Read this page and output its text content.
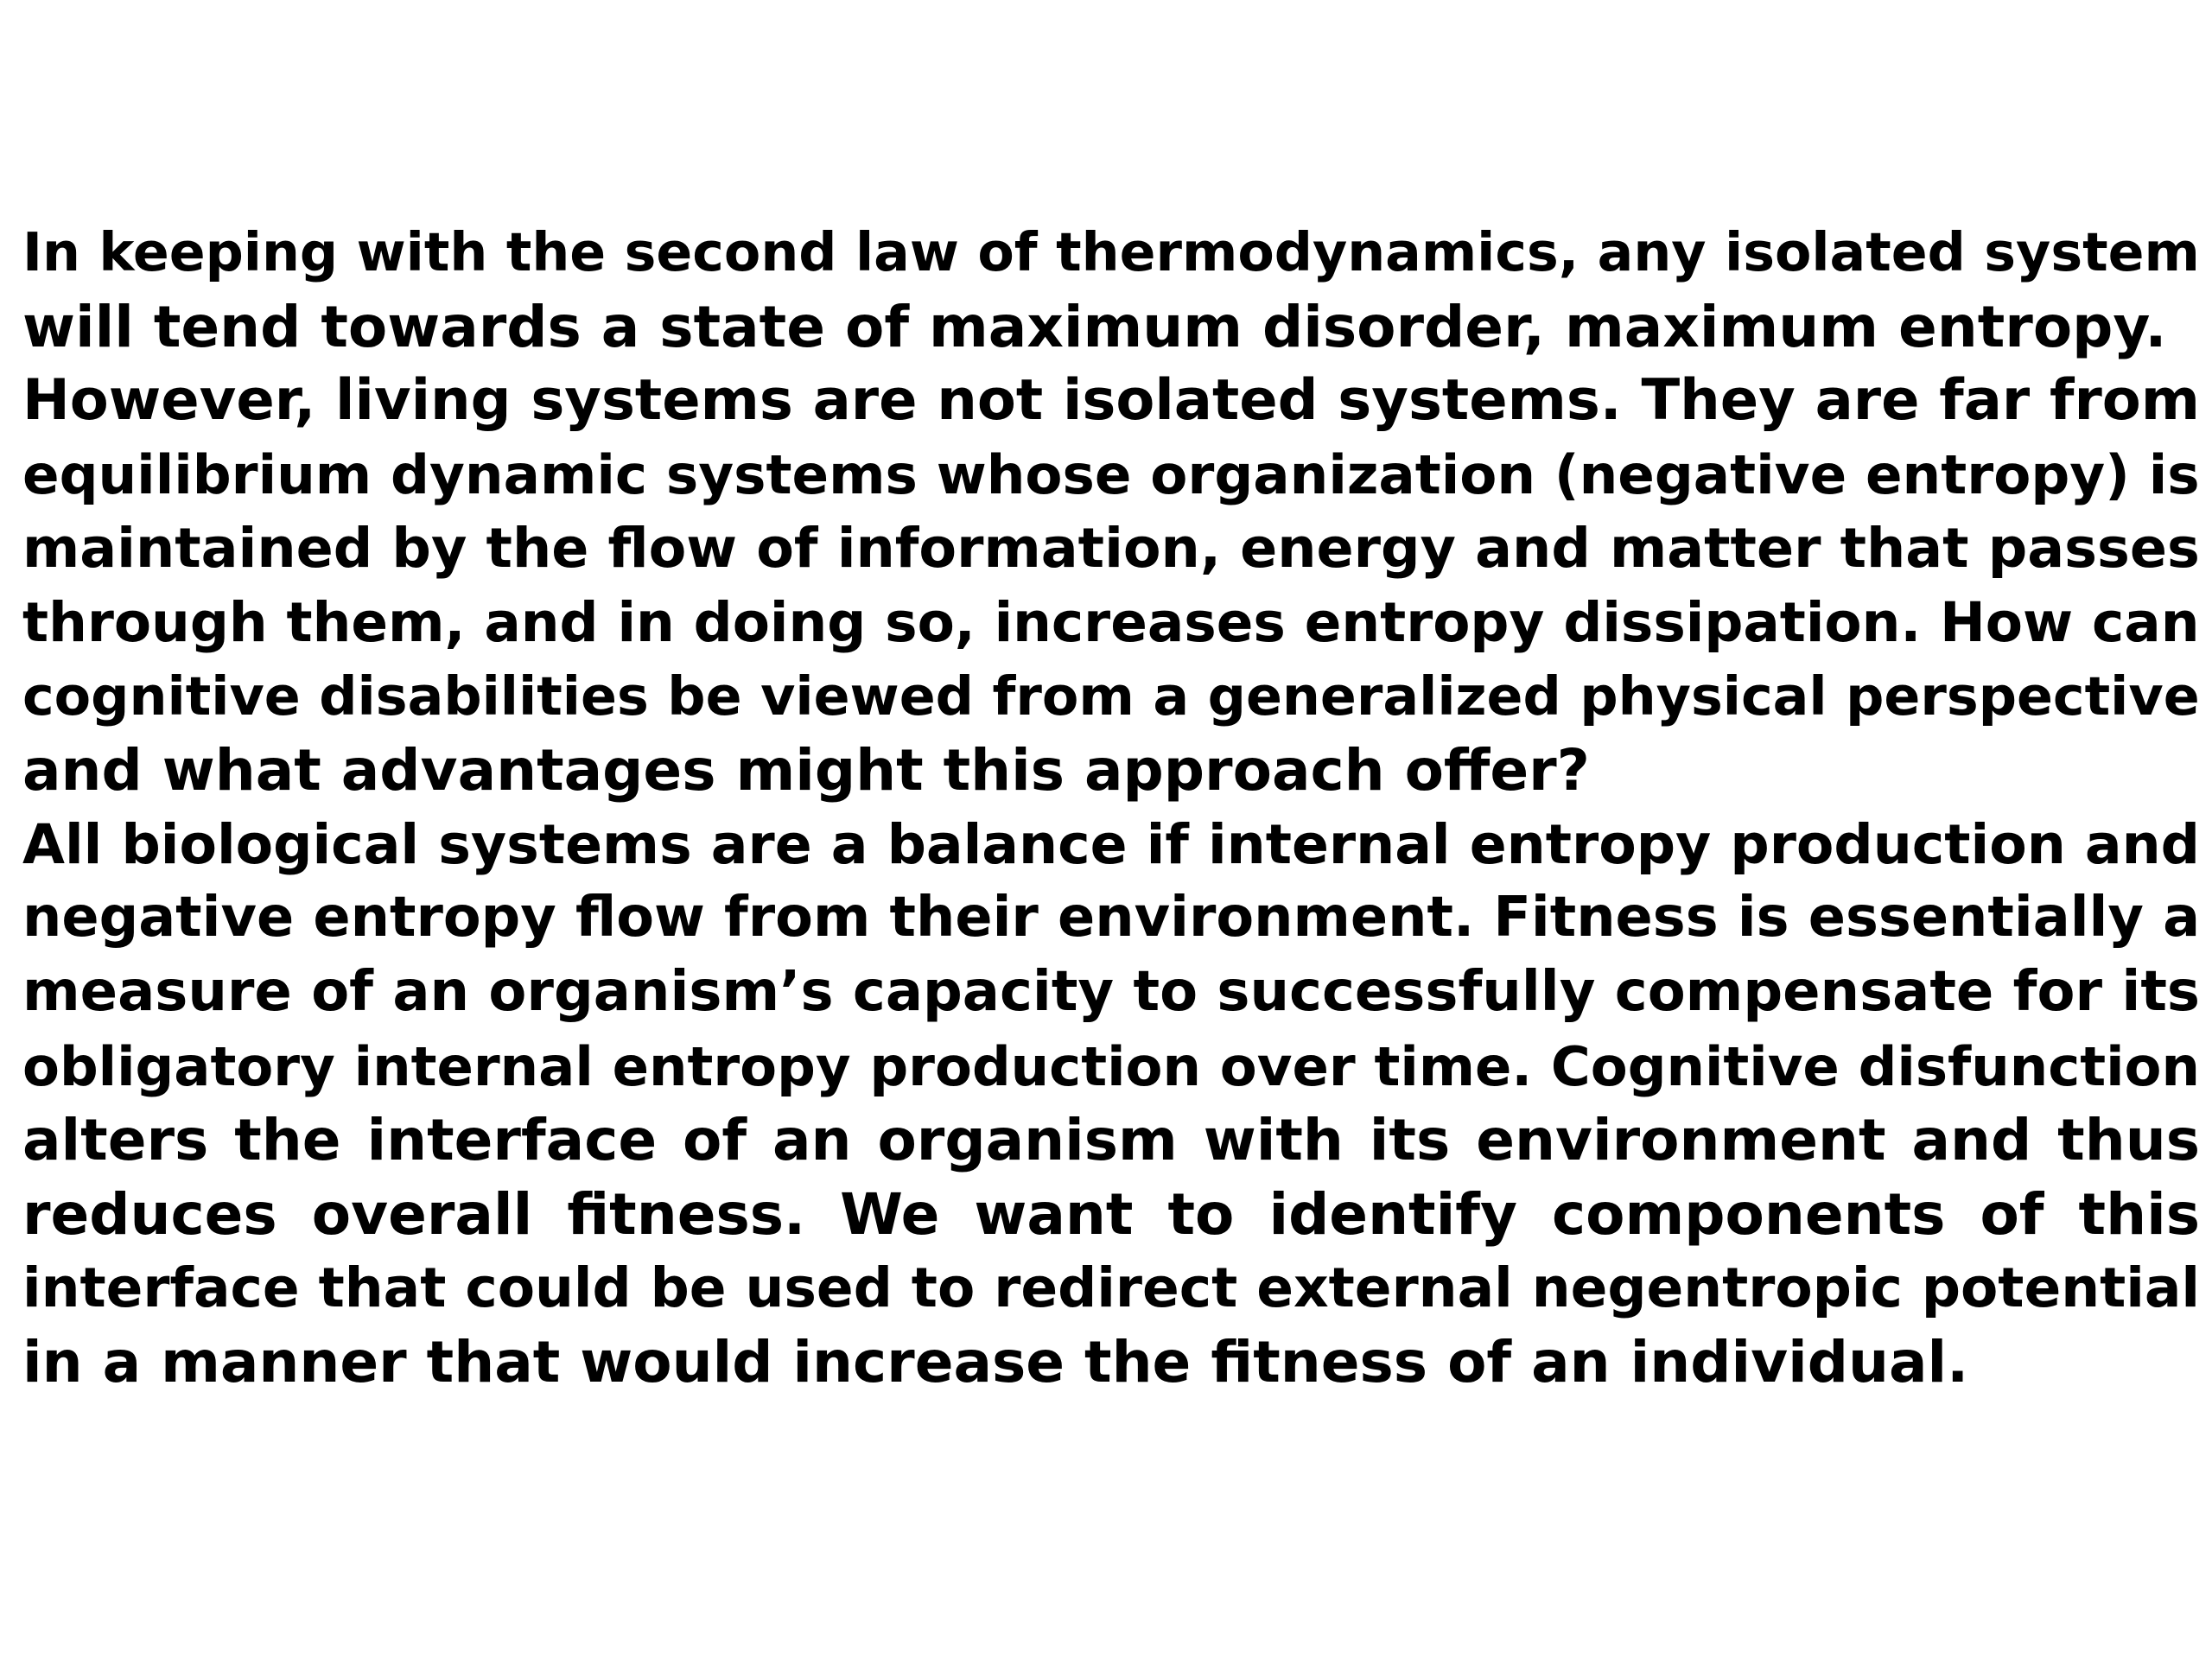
In keeping with the second law of thermodynamics, any isolated system
will tend towards a state of maximum disorder, maximum entropy.
However, living systems are not isolated systems. They are far from
equilibrium dynamic systems whose organization (negative entropy) is
maintained by the flow of information, energy and matter that passes
through them, and in doing so, increases entropy dissipation. How can
cognitive disabilities be viewed from a generalized physical perspective
and what advantages might this approach offer?
All biological systems are a balance if internal entropy production and
negative entropy flow from their environment. Fitness is essentially a
measure of an organism’s capacity to successfully compensate for its
obligatory internal entropy production over time. Cognitive disfunction
alters the interface of an organism with its environment and thus
reduces overall fitness. We want to identify components of this
interface that could be used to redirect external negentropic potential
in a manner that would increase the fitness of an individual.
